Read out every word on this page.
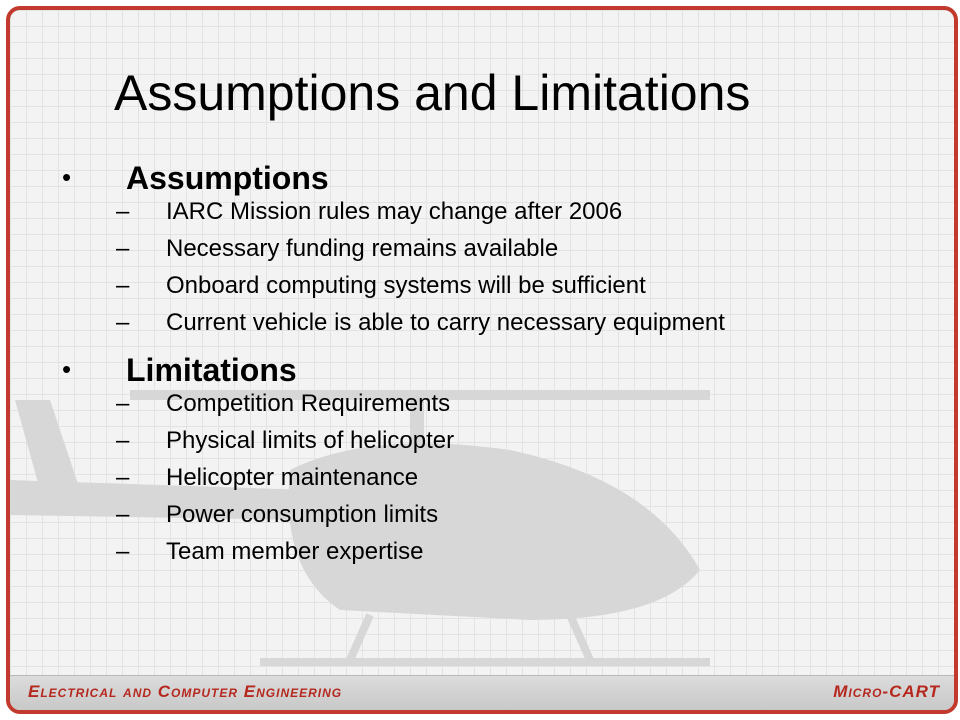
Assumptions and Limitations
• Assumptions
– IARC Mission rules may change after 2006
– Necessary funding remains available
– Onboard computing systems will be sufficient
– Current vehicle is able to carry necessary equipment
• Limitations
– Competition Requirements
– Physical limits of helicopter
– Helicopter maintenance
– Power consumption limits
– Team member expertise
Electrical and Computer Engineering	Micro-CART
